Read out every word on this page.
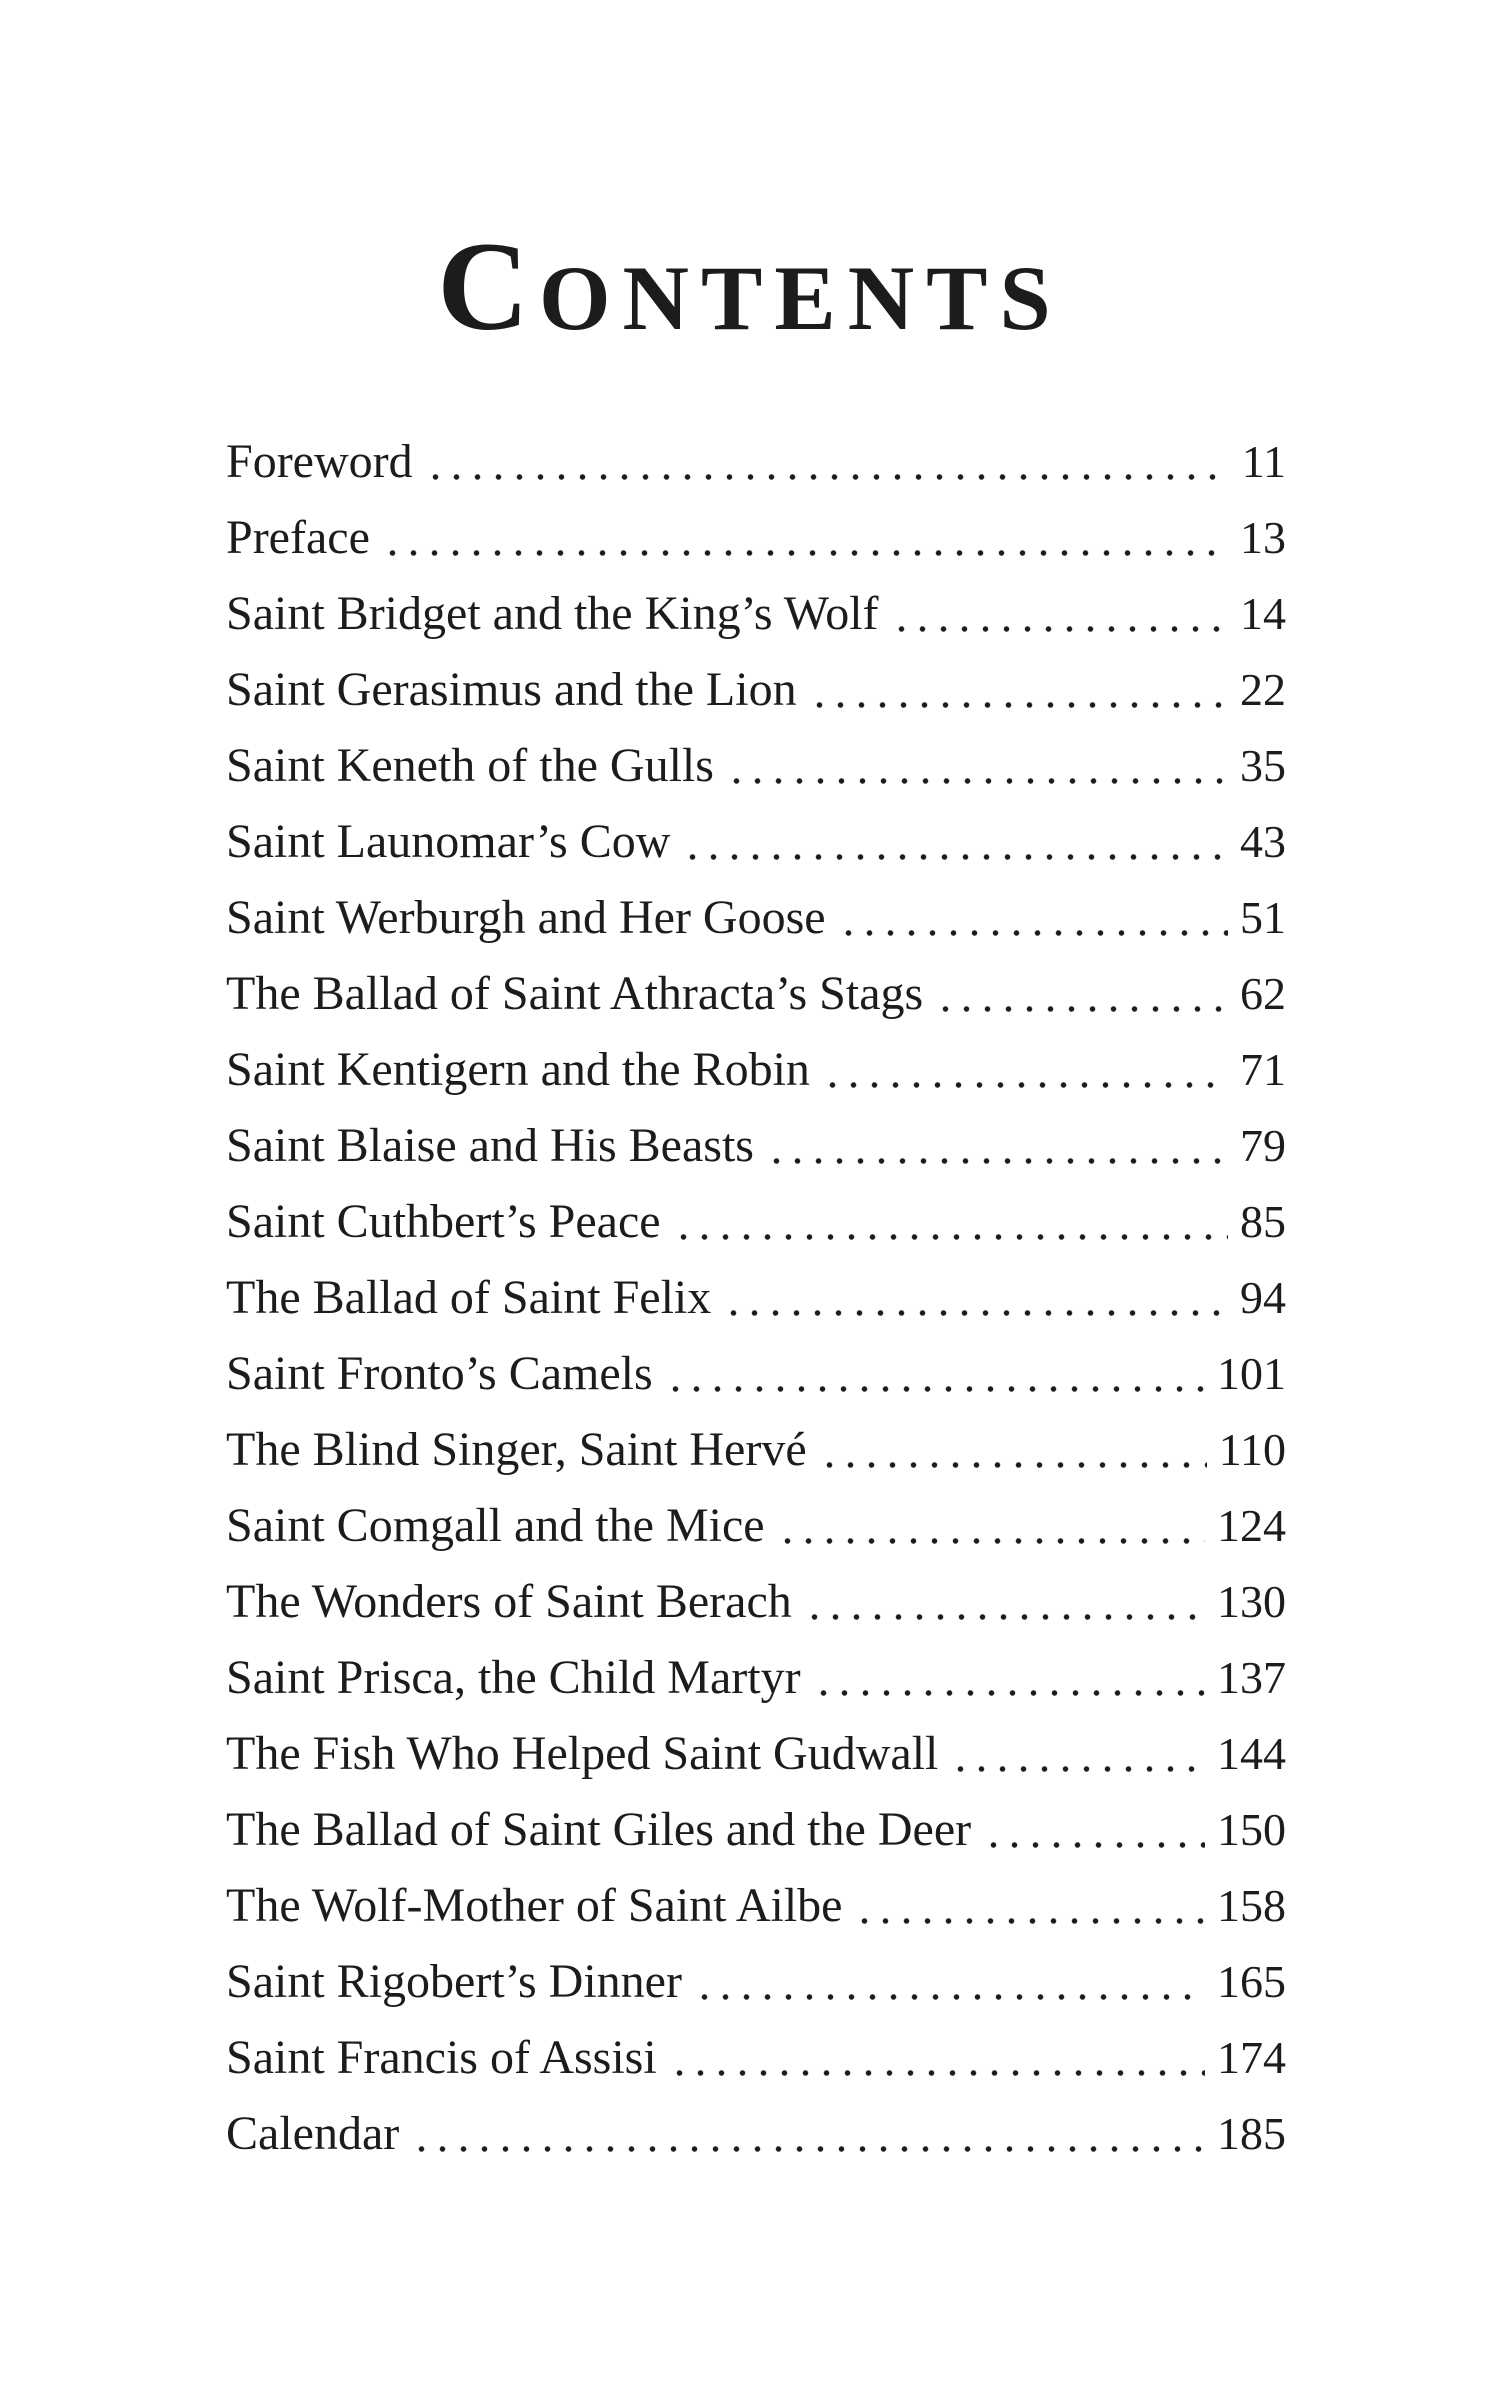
CONTENTS
Foreword	11
Preface	13
Saint Bridget and the King’s Wolf	14
Saint Gerasimus and the Lion	22
Saint Keneth of the Gulls	35
Saint Launomar’s Cow	43
Saint Werburgh and Her Goose	51
The Ballad of Saint Athracta’s Stags	62
Saint Kentigern and the Robin	71
Saint Blaise and His Beasts	79
Saint Cuthbert’s Peace	85
The Ballad of Saint Felix	94
Saint Fronto’s Camels	101
The Blind Singer, Saint Hervé	110
Saint Comgall and the Mice	124
The Wonders of Saint Berach	130
Saint Prisca, the Child Martyr	137
The Fish Who Helped Saint Gudwall	144
The Ballad of Saint Giles and the Deer	150
The Wolf-Mother of Saint Ailbe	158
Saint Rigobert’s Dinner	165
Saint Francis of Assisi	174
Calendar	185
